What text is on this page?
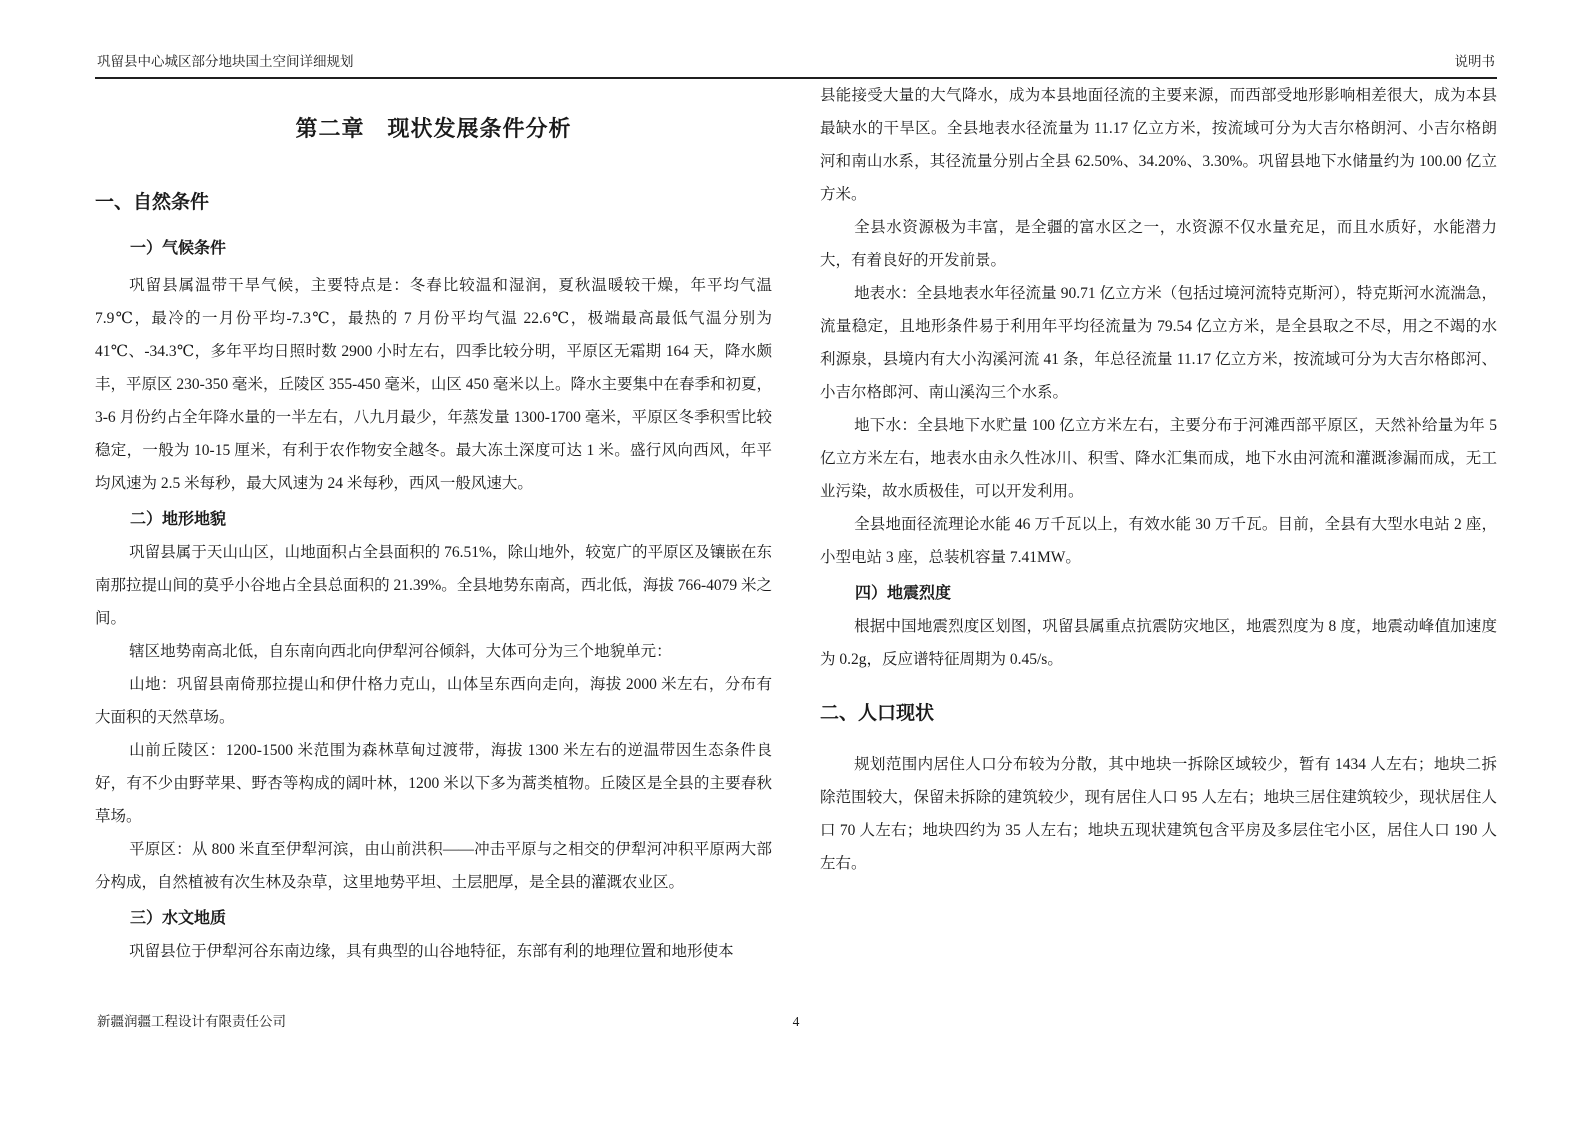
巩留县中心城区部分地块国土空间详细规划	说明书
第二章　现状发展条件分析
一、自然条件
一）气候条件

巩留县属温带干旱气候，主要特点是：冬春比较温和湿润，夏秋温暖较干燥，年平均气温 7.9℃，最冷的一月份平均-7.3℃，最热的 7 月份平均气温 22.6℃，极端最高最低气温分别为 41℃、-34.3℃，多年平均日照时数 2900 小时左右，四季比较分明，平原区无霜期 164 天，降水颇丰，平原区 230-350 毫米，丘陵区 355-450 毫米，山区 450 毫米以上。降水主要集中在春季和初夏，3-6 月份约占全年降水量的一半左右，八九月最少，年蒸发量 1300-1700 毫米，平原区冬季积雪比较稳定，一般为 10-15 厘米，有利于农作物安全越冬。最大冻土深度可达 1 米。盛行风向西风，年平均风速为 2.5 米每秒，最大风速为 24 米每秒，西风一般风速大。

二）地形地貌

巩留县属于天山山区，山地面积占全县面积的 76.51%，除山地外，较宽广的平原区及镶嵌在东南那拉提山间的莫乎小谷地占全县总面积的 21.39%。全县地势东南高，西北低，海拔 766-4079 米之间。

辖区地势南高北低，自东南向西北向伊犁河谷倾斜，大体可分为三个地貌单元：

山地：巩留县南倚那拉提山和伊什格力克山，山体呈东西向走向，海拔 2000 米左右，分布有大面积的天然草场。

山前丘陵区：1200-1500 米范围为森林草甸过渡带，海拔 1300 米左右的逆温带因生态条件良好，有不少由野苹果、野杏等构成的阔叶林，1200 米以下多为蒿类植物。丘陵区是全县的主要春秋草场。

平原区：从 800 米直至伊犁河滨，由山前洪积——冲击平原与之相交的伊犁河冲积平原两大部分构成，自然植被有次生林及杂草，这里地势平坦、土层肥厚，是全县的灌溉农业区。

三）水文地质

巩留县位于伊犁河谷东南边缘，具有典型的山谷地特征，东部有利的地理位置和地形使本

县能接受大量的大气降水，成为本县地面径流的主要来源，而西部受地形影响相差很大，成为本县最缺水的干旱区。全县地表水径流量为 11.17 亿立方米，按流域可分为大吉尔格朗河、小吉尔格朗河和南山水系，其径流量分别占全县 62.50%、34.20%、3.30%。巩留县地下水储量约为 100.00 亿立方米。

全县水资源极为丰富，是全疆的富水区之一，水资源不仅水量充足，而且水质好，水能潜力大，有着良好的开发前景。

地表水：全县地表水年径流量 90.71 亿立方米（包括过境河流特克斯河），特克斯河水流湍急，流量稳定，且地形条件易于利用年平均径流量为 79.54 亿立方米，是全县取之不尽，用之不竭的水利源泉，县境内有大小沟溪河流 41 条，年总径流量 11.17 亿立方米，按流域可分为大吉尔格郎河、小吉尔格郎河、南山溪沟三个水系。

地下水：全县地下水贮量 100 亿立方米左右，主要分布于河滩西部平原区，天然补给量为年 5 亿立方米左右，地表水由永久性冰川、积雪、降水汇集而成，地下水由河流和灌溉渗漏而成，无工业污染，故水质极佳，可以开发利用。

全县地面径流理论水能 46 万千瓦以上，有效水能 30 万千瓦。目前，全县有大型水电站 2 座，小型电站 3 座，总装机容量 7.41MW。

四）地震烈度

根据中国地震烈度区划图，巩留县属重点抗震防灾地区，地震烈度为 8 度，地震动峰值加速度为 0.2g，反应谱特征周期为 0.45/s。

二、人口现状

规划范围内居住人口分布较为分散，其中地块一拆除区域较少，暂有 1434 人左右；地块二拆除范围较大，保留未拆除的建筑较少，现有居住人口 95 人左右；地块三居住建筑较少，现状居住人口 70 人左右；地块四约为 35 人左右；地块五现状建筑包含平房及多层住宅小区，居住人口 190 人左右。

新疆润疆工程设计有限责任公司	4
